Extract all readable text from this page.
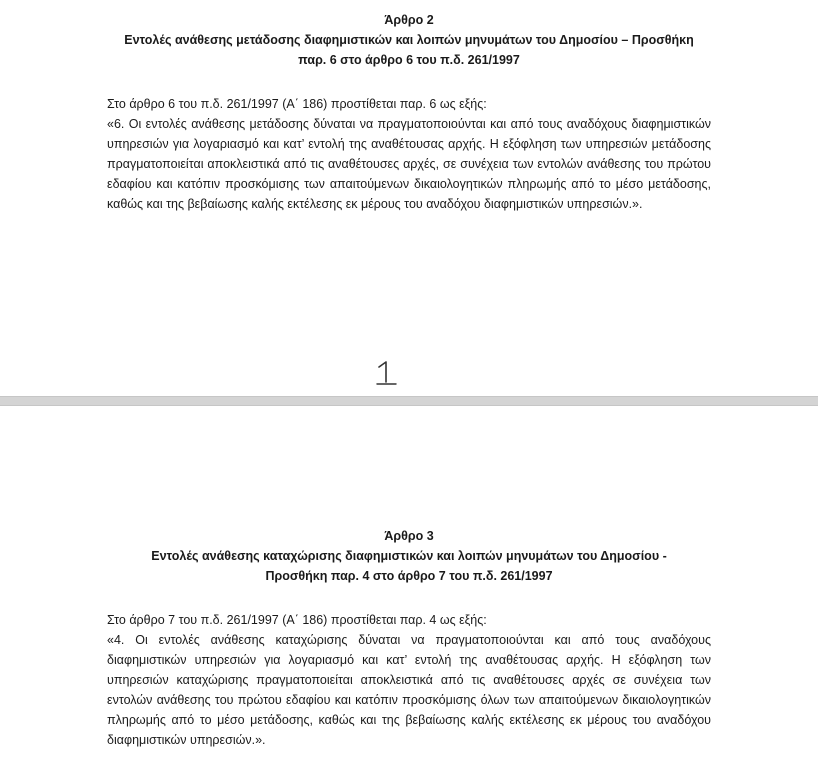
Άρθρο 2
Εντολές ανάθεσης μετάδοσης διαφημιστικών και λοιπών μηνυμάτων του Δημοσίου – Προσθήκη
παρ. 6 στο άρθρο 6 του π.δ. 261/1997
Στο άρθρο 6 του π.δ. 261/1997 (Α΄ 186) προστίθεται παρ. 6 ως εξής:

«6. Οι εντολές ανάθεσης μετάδοσης δύναται να πραγματοποιούνται και από τους αναδόχους διαφημιστικών υπηρεσιών για λογαριασμό και κατ’ εντολή της αναθέτουσας αρχής. Η εξόφληση των υπηρεσιών μετάδοσης πραγματοποιείται αποκλειστικά από τις αναθέτουσες αρχές, σε συνέχεια των εντολών ανάθεσης του πρώτου εδαφίου και κατόπιν προσκόμισης των απαιτούμενων δικαιολογητικών πληρωμής από το μέσο μετάδοσης, καθώς και της βεβαίωσης καλής εκτέλεσης εκ μέρους του αναδόχου διαφημιστικών υπηρεσιών.».

Άρθρο 3
Εντολές ανάθεσης καταχώρισης διαφημιστικών και λοιπών μηνυμάτων του Δημοσίου -
Προσθήκη παρ. 4 στο άρθρο 7 του π.δ. 261/1997
Στο άρθρο 7 του π.δ. 261/1997 (Α΄ 186) προστίθεται παρ. 4 ως εξής:

«4. Οι εντολές ανάθεσης καταχώρισης δύναται να πραγματοποιούνται και από τους αναδόχους διαφημιστικών υπηρεσιών για λογαριασμό και κατ’ εντολή της αναθέτουσας αρχής. Η εξόφληση των υπηρεσιών καταχώρισης πραγματοποιείται αποκλειστικά από τις αναθέτουσες αρχές σε συνέχεια των εντολών ανάθεσης του πρώτου εδαφίου και κατόπιν προσκόμισης όλων των απαιτούμενων δικαιολογητικών πληρωμής από το μέσο μετάδοσης, καθώς και της βεβαίωσης καλής εκτέλεσης εκ μέρους του αναδόχου διαφημιστικών υπηρεσιών.».
